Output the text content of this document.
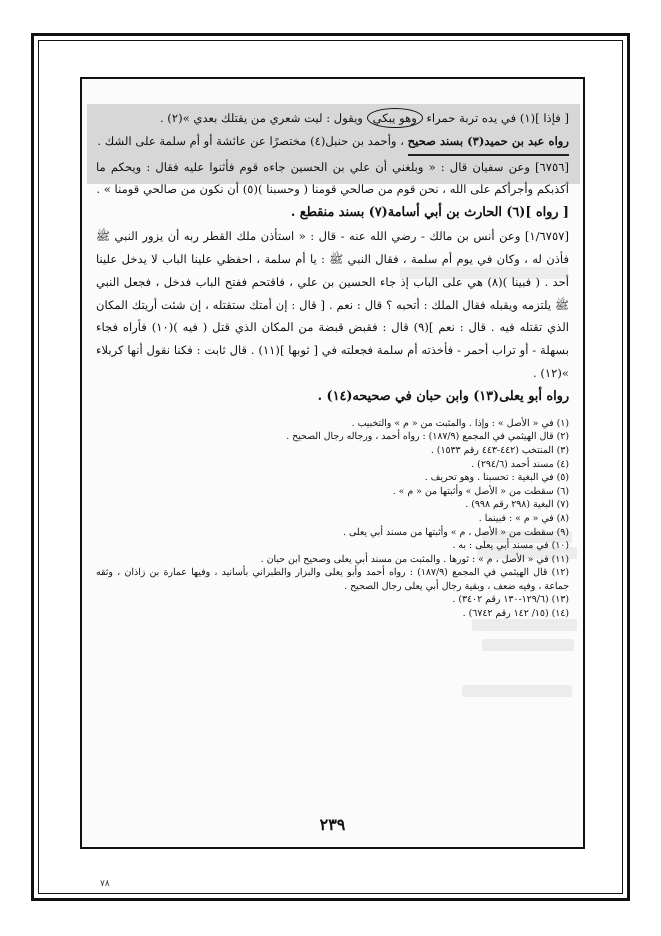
[ فإذا ](١) في يده تربة حمراء وهو يبكي ويقول : ليت شعري من يقتلك بعدي »(٢) .

رواه عبد بن حميد(٣) بسند صحيح ، وأحمد بن حنبل(٤) مختصرًا عن عائشة أو أم سلمة على الشك .

[٦٧٥٦] وعن سفيان قال : « وبلغني أن علي بن الحسين جاءه قوم فأثنوا عليه فقال : ويحكم ما أكذبكم وأجرأكم على الله ، نحن قوم من صالحي قومنا ( وحسبنا )(٥) أن نكون من صالحي قومنا » .

[ رواه ](٦) الحارث بن أبي أسامة(٧) بسند منقطع .

[١/٦٧٥٧] وعن أنس بن مالك - رضي الله عنه - قال : « استأذن ملك القطر ربه أن يزور النبي ﷺ فأذن له ، وكان في يوم أم سلمة ، فقال النبي ﷺ : يا أم سلمة ، احفظي علينا الباب لا يدخل علينا أحد . ( فبينا )(٨) هي على الباب إذ جاء الحسين بن علي ، فاقتحم ففتح الباب فدخل ، فجعل النبي ﷺ يلتزمه ويقبله فقال الملك : أتحبه ؟ قال : نعم . [ قال : إن أمتك ستقتله ، إن شئت أريتك المكان الذي تقتله فيه . قال : نعم ](٩) قال : فقبض قبضة من المكان الذي قتل ( فيه )(١٠) فأراه فجاء بسهلة - أو تراب أحمر - فأخذته أم سلمة فجعلته في [ ثوبها ](١١) . قال ثابت : فكنا نقول أنها كربلاء »(١٢) .

رواه أبو يعلى(١٣) وابن حبان في صحيحه(١٤) .

(١) في « الأصل » : وإذا . والمثبت من « م » والتخبيب .

(٢) قال الهيثمي في المجمع (١٨٧/٩) : رواه أحمد ، ورجاله رجال الصحيح .

(٣) المنتخب (٤٤٢-٤٤٣ رقم ١٥٣٣) .

(٤) مسند أحمد (٢٩٤/٦) .

(٥) في البغية : تحسبنا . وهو تحريف .

(٦) سقطت من « الأصل » وأثبتها من « م » .

(٧) البغية (٢٩٨ رقم ٩٩٨) .

(٨) في « م » : فبينما .

(٩) سقطت من « الأصل ، م » وأثبتها من مسند أبي يعلى .

(١٠) في مسند أبي يعلى : به .

(١١) في « الأصل ، م » : ثورها . والمثبت من مسند أبي يعلى وصحيح ابن حبان .

(١٢) قال الهيثمي في المجمع (١٨٧/٩) : رواه أحمد وأبو يعلى والبزار والطبراني بأسانيد ، وفيها عمارة بن زاذان ، وثقه جماعة ، وفيه ضعف ، وبقية رجال أبي يعلى رجال الصحيح .

(١٣) (١٢٩/٦-١٣٠ رقم ٣٤٠٢) .

(١٤) (١٥/ ١٤٢ رقم ٦٧٤٢) .

٢٣٩
٧٨
